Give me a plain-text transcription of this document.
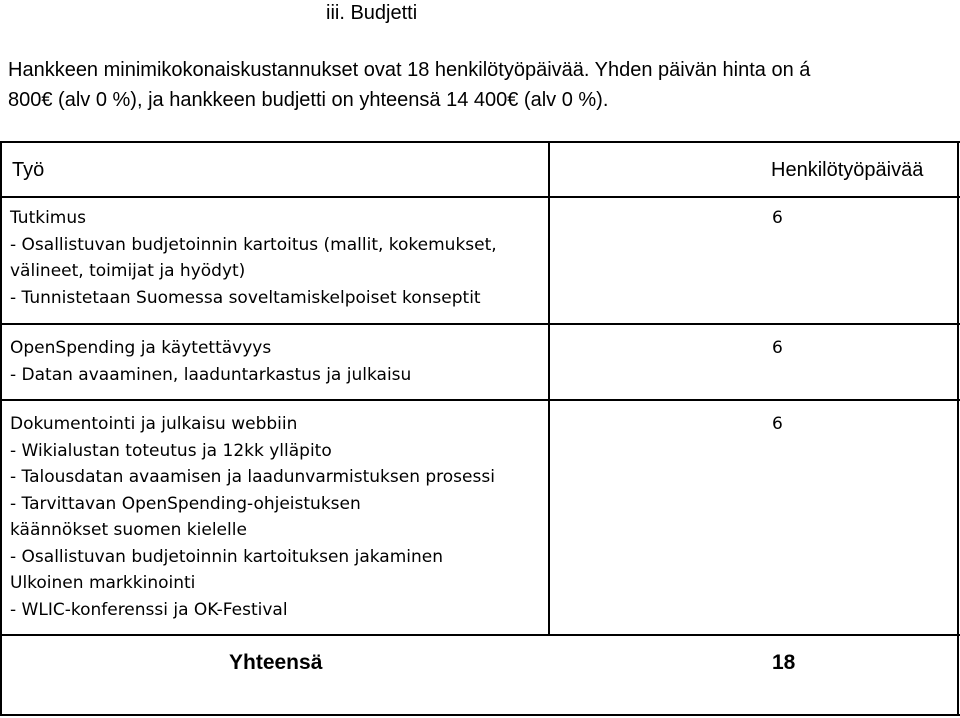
iii. Budjetti
Hankkeen minimikokonaiskustannukset ovat 18 henkilötyöpäivää. Yhden päivän hinta on á
800€ (alv 0 %), ja hankkeen budjetti on yhteensä 14 400€ (alv 0 %).
Työ	Henkilötyöpäivää
Tutkimus
- Osallistuvan budjetoinnin kartoitus (mallit, kokemukset,
välineet, toimijat ja hyödyt)
- Tunnistetaan Suomessa soveltamiskelpoiset konseptit
6
OpenSpending ja käytettävyys
- Datan avaaminen, laaduntarkastus ja julkaisu
6
Dokumentointi ja julkaisu webbiin
- Wikialustan toteutus ja 12kk ylläpito
- Talousdatan avaamisen ja laadunvarmistuksen prosessi
- Tarvittavan OpenSpending-ohjeistuksen
käännökset suomen kielelle
- Osallistuvan budjetoinnin kartoituksen jakaminen
Ulkoinen markkinointi
- WLIC-konferenssi ja OK-Festival
6
Yhteensä	18
